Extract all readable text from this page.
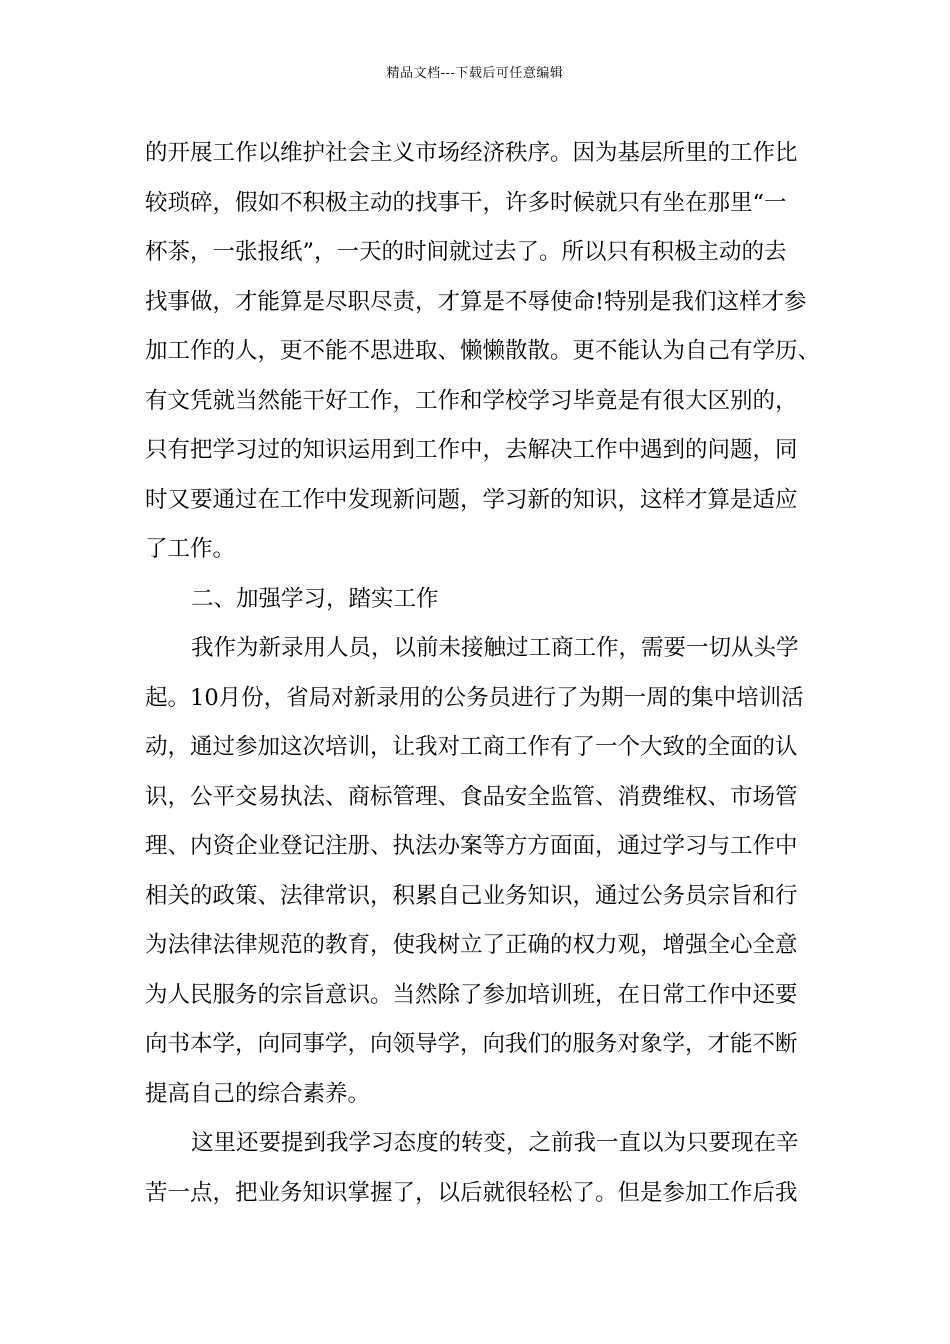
精品文档---下载后可任意编辑
的开展工作以维护社会主义市场经济秩序。因为基层所里的工作比
较琐碎，假如不积极主动的找事干，许多时候就只有坐在那里“一
杯茶，一张报纸”，一天的时间就过去了。所以只有积极主动的去
找事做，才能算是尽职尽责，才算是不辱使命!特别是我们这样才参
加工作的人，更不能不思进取、懒懒散散。更不能认为自己有学历、
有文凭就当然能干好工作，工作和学校学习毕竟是有很大区别的，
只有把学习过的知识运用到工作中，去解决工作中遇到的问题，同
时又要通过在工作中发现新问题，学习新的知识，这样才算是适应
了工作。
二、加强学习，踏实工作
我作为新录用人员，以前未接触过工商工作，需要一切从头学
起。10月份，省局对新录用的公务员进行了为期一周的集中培训活
动，通过参加这次培训，让我对工商工作有了一个大致的全面的认
识，公平交易执法、商标管理、食品安全监管、消费维权、市场管
理、内资企业登记注册、执法办案等方方面面，通过学习与工作中
相关的政策、法律常识，积累自己业务知识，通过公务员宗旨和行
为法律法律规范的教育，使我树立了正确的权力观，增强全心全意
为人民服务的宗旨意识。当然除了参加培训班，在日常工作中还要
向书本学，向同事学，向领导学，向我们的服务对象学，才能不断
提高自己的综合素养。
这里还要提到我学习态度的转变，之前我一直以为只要现在辛
苦一点，把业务知识掌握了，以后就很轻松了。但是参加工作后我
